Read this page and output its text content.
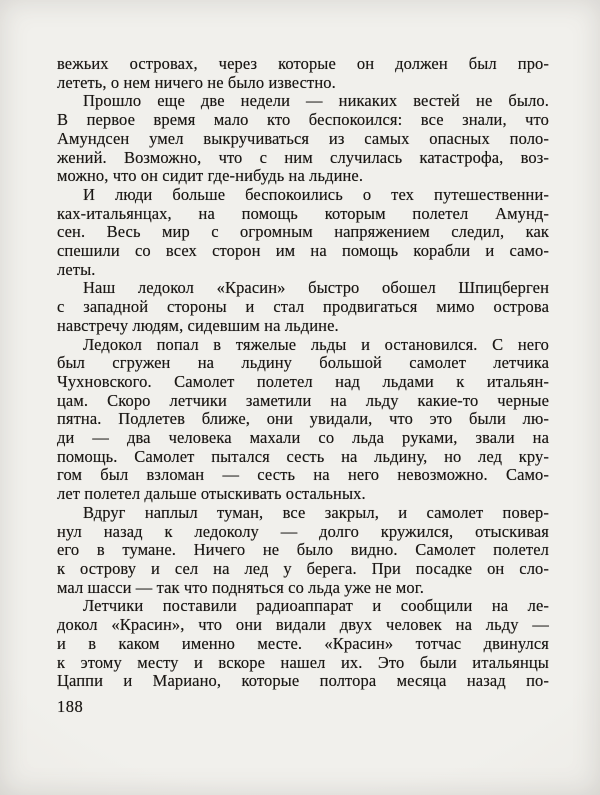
вежьих островах, через которые он должен был про-
лететь, о нем ничего не было известно.
Прошло еще две недели — никаких вестей не было.
В первое время мало кто беспокоился: все знали, что
Амундсен умел выкручиваться из самых опасных поло-
жений. Возможно, что с ним случилась катастрофа, воз-
можно, что он сидит где-нибудь на льдине.
И люди больше беспокоились о тех путешественни-
ках-итальянцах, на помощь которым полетел Амунд-
сен. Весь мир с огромным напряжением следил, как
спешили со всех сторон им на помощь корабли и само-
леты.
Наш ледокол «Красин» быстро обошел Шпицберген
с западной стороны и стал продвигаться мимо острова
навстречу людям, сидевшим на льдине.
Ледокол попал в тяжелые льды и остановился. С него
был сгружен на льдину большой самолет летчика
Чухновского. Самолет полетел над льдами к итальян-
цам. Скоро летчики заметили на льду какие-то черные
пятна. Подлетев ближе, они увидали, что это были лю-
ди — два человека махали со льда руками, звали на
помощь. Самолет пытался сесть на льдину, но лед кру-
гом был взломан — сесть на него невозможно. Само-
лет полетел дальше отыскивать остальных.
Вдруг наплыл туман, все закрыл, и самолет повер-
нул назад к ледоколу — долго кружился, отыскивая
его в тумане. Ничего не было видно. Самолет полетел
к острову и сел на лед у берега. При посадке он сло-
мал шасси — так что подняться со льда уже не мог.
Летчики поставили радиоаппарат и сообщили на ле-
докол «Красин», что они видали двух человек на льду —
и в каком именно месте. «Красин» тотчас двинулся
к этому месту и вскоре нашел их. Это были итальянцы
Цаппи и Мариано, которые полтора месяца назад по-
188
